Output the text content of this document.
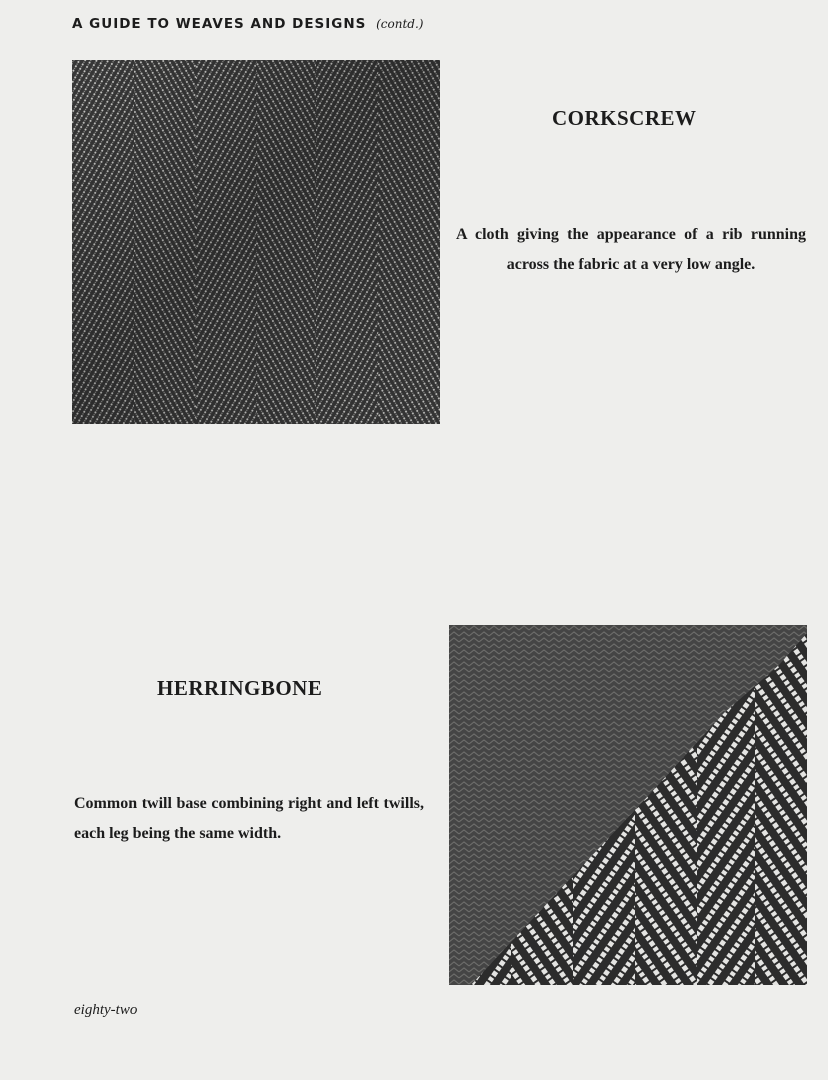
A GUIDE TO WEAVES AND DESIGNS (contd.)
CORKSCREW
A cloth giving the appearance of a rib running across the fabric at a very low angle.
HERRINGBONE
Common twill base combining right and left twills, each leg being the same width.
eighty-two
